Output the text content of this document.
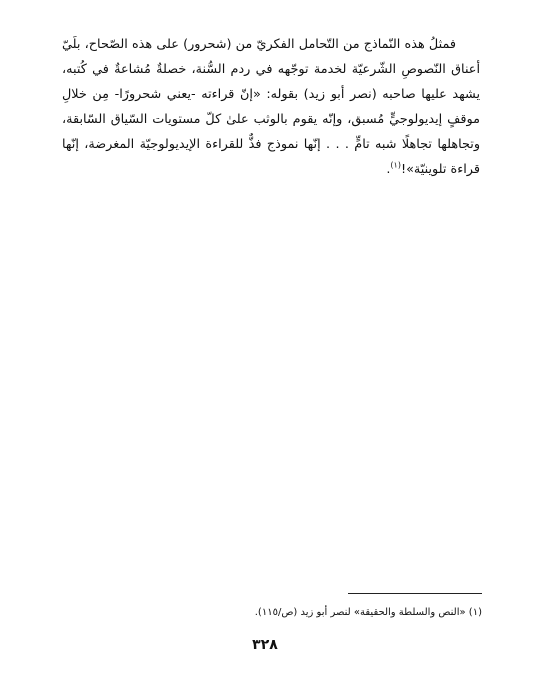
فمثلُ هذه النّماذج من التّحامل الفكريّ من (شحرور) على هذه الصّحاح، بلَيّ أعناق النّصوصِ الشّرعيّة لخدمة توجّهه في ردم السُّنة، خصلةٌ مُشاعةٌ في كُتبه، يشهد عليها صاحبه (نصر أبو زيد) بقوله: «إنّ قراءته -يعني شحرورًا- مِن خلالِ موقفٍ إيديولوجيٍّ مُسبق، وإنّه يقوم بالوثب علىٰ كلّ مستويات السّياق السّابقة، وتجاهلها تجاهلًا شبه تامٍّ . . . إنّها نموذج فذٌّ للقراءة الإيديولوجيّة المغرضة، إنّها قراءة تلوينيّة»!$^{(١)}$.

(١) «النص والسلطة والحقيقة» لنصر أبو زيد (ص/١١٥).
٣٢٨
